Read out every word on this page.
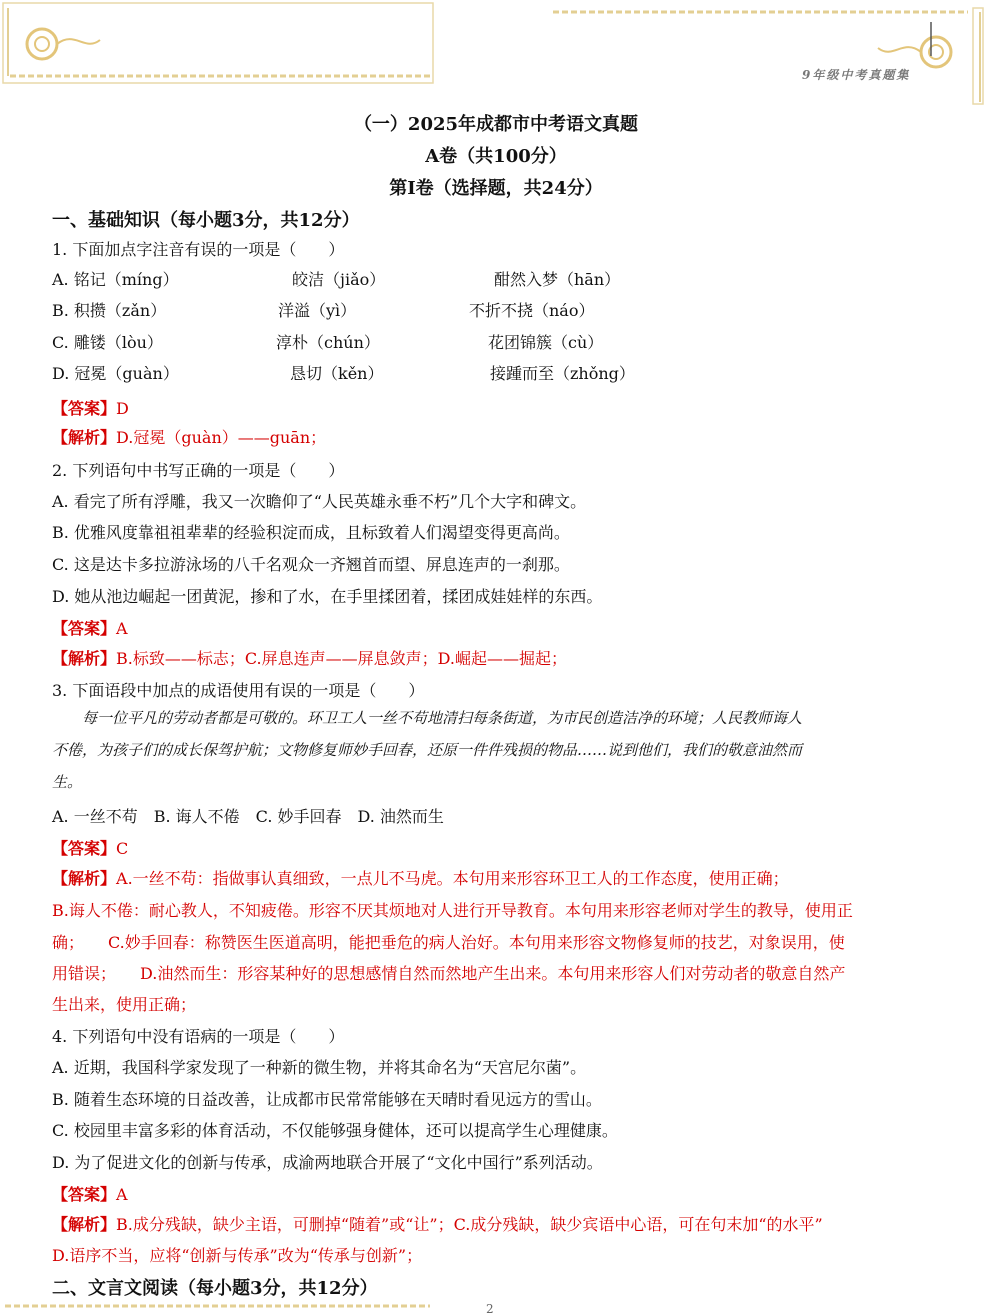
9年级中考真题集
（一）2025年成都市中考语文真题
A卷（共100分）
第Ⅰ卷（选择题，共24分）
一、基础知识（每小题3分，共12分）
1. 下面加点字注音有误的一项是（　　）
A. 铭记（míng）	皎洁（jiǎo）	酣然入梦（hān）
B. 积攒（zǎn）	洋溢（yì）	不折不挠（náo）
C. 雕镂（lòu）	淳朴（chún）	花团锦簇（cù）
D. 冠冕（guàn）	恳切（kěn）	接踵而至（zhǒng）
【答案】D
【解析】D.冠冕（guàn）——guān；
2. 下列语句中书写正确的一项是（　　）
A. 看完了所有浮雕，我又一次瞻仰了“人民英雄永垂不朽”几个大字和碑文。
B. 优雅风度靠祖祖辈辈的经验积淀而成，且标致着人们渴望变得更高尚。
C. 这是达卡多拉游泳场的八千名观众一齐翘首而望、屏息连声的一刹那。
D. 她从池边崛起一团黄泥，掺和了水，在手里揉团着，揉团成娃娃样的东西。
【答案】A
【解析】B.标致——标志；C.屏息连声——屏息敛声；D.崛起——掘起；
3. 下面语段中加点的成语使用有误的一项是（　　）
　　每一位平凡的劳动者都是可敬的。环卫工人一丝不苟地清扫每条街道，为市民创造洁净的环境；人民教师诲人
不倦，为孩子们的成长保驾护航；文物修复师妙手回春，还原一件件残损的物品……说到他们，我们的敬意油然而
生。
A. 一丝不苟　B. 诲人不倦　C. 妙手回春　D. 油然而生
【答案】C
【解析】A.一丝不苟：指做事认真细致，一点儿不马虎。本句用来形容环卫工人的工作态度，使用正确；
B.诲人不倦：耐心教人，不知疲倦。形容不厌其烦地对人进行开导教育。本句用来形容老师对学生的教导，使用正
确；　　C.妙手回春：称赞医生医道高明，能把垂危的病人治好。本句用来形容文物修复师的技艺，对象误用，使
用错误；　　D.油然而生：形容某种好的思想感情自然而然地产生出来。本句用来形容人们对劳动者的敬意自然产
生出来，使用正确；
4. 下列语句中没有语病的一项是（　　）
A. 近期，我国科学家发现了一种新的微生物，并将其命名为“天宫尼尔菌”。
B. 随着生态环境的日益改善，让成都市民常常能够在天晴时看见远方的雪山。
C. 校园里丰富多彩的体育活动，不仅能够强身健体，还可以提高学生心理健康。
D. 为了促进文化的创新与传承，成渝两地联合开展了“文化中国行”系列活动。
【答案】A
【解析】B.成分残缺，缺少主语，可删掉“随着”或“让”；C.成分残缺，缺少宾语中心语，可在句末加“的水平”
D.语序不当，应将“创新与传承”改为“传承与创新”；
二、文言文阅读（每小题3分，共12分）
2
